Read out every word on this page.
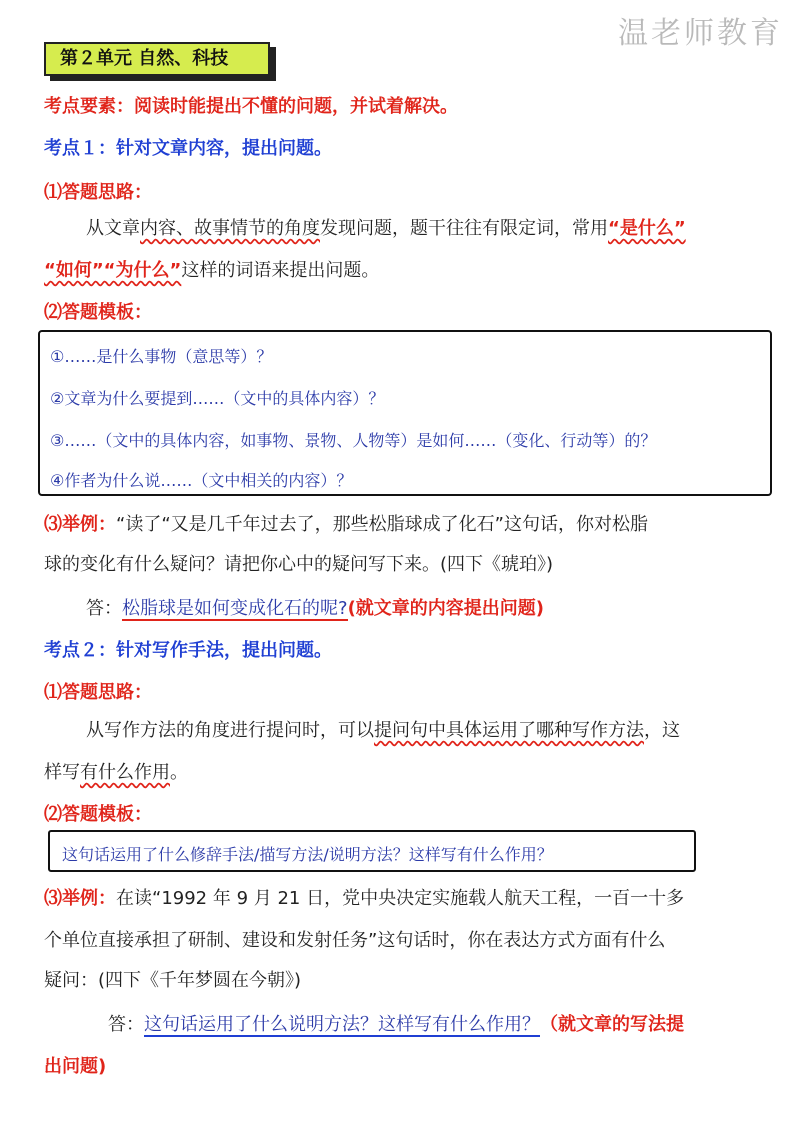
温老师教育
第２单元 自然、科技
考点要素：阅读时能提出不懂的问题，并试着解决。
考点１：针对文章内容，提出问题。
⑴答题思路：
从文章内容、故事情节的角度发现问题，题干往往有限定词，常用“是什么”
“如何”“为什么”这样的词语来提出问题。
⑵答题模板：
①……是什么事物（意思等）？
②文章为什么要提到……（文中的具体内容）？
③……（文中的具体内容，如事物、景物、人物等）是如何……（变化、行动等）的？
④作者为什么说……（文中相关的内容）？
⑶举例：“读了“又是几千年过去了，那些松脂球成了化石”这句话，你对松脂
球的变化有什么疑问？请把你心中的疑问写下来。(四下《琥珀》)
答：松脂球是如何变成化石的呢?(就文章的内容提出问题)
考点２：针对写作手法，提出问题。
⑴答题思路：
从写作方法的角度进行提问时，可以提问句中具体运用了哪种写作方法，这
样写有什么作用。
⑵答题模板：
这句话运用了什么修辞手法/描写方法/说明方法？这样写有什么作用？
⑶举例：在读“1992 年 9 月 21 日，党中央决定实施载人航天工程，一百一十多
个单位直接承担了研制、建设和发射任务”这句话时，你在表达方式方面有什么
疑问：(四下《千年梦圆在今朝》)
答：这句话运用了什么说明方法？这样写有什么作用？（就文章的写法提
出问题)
